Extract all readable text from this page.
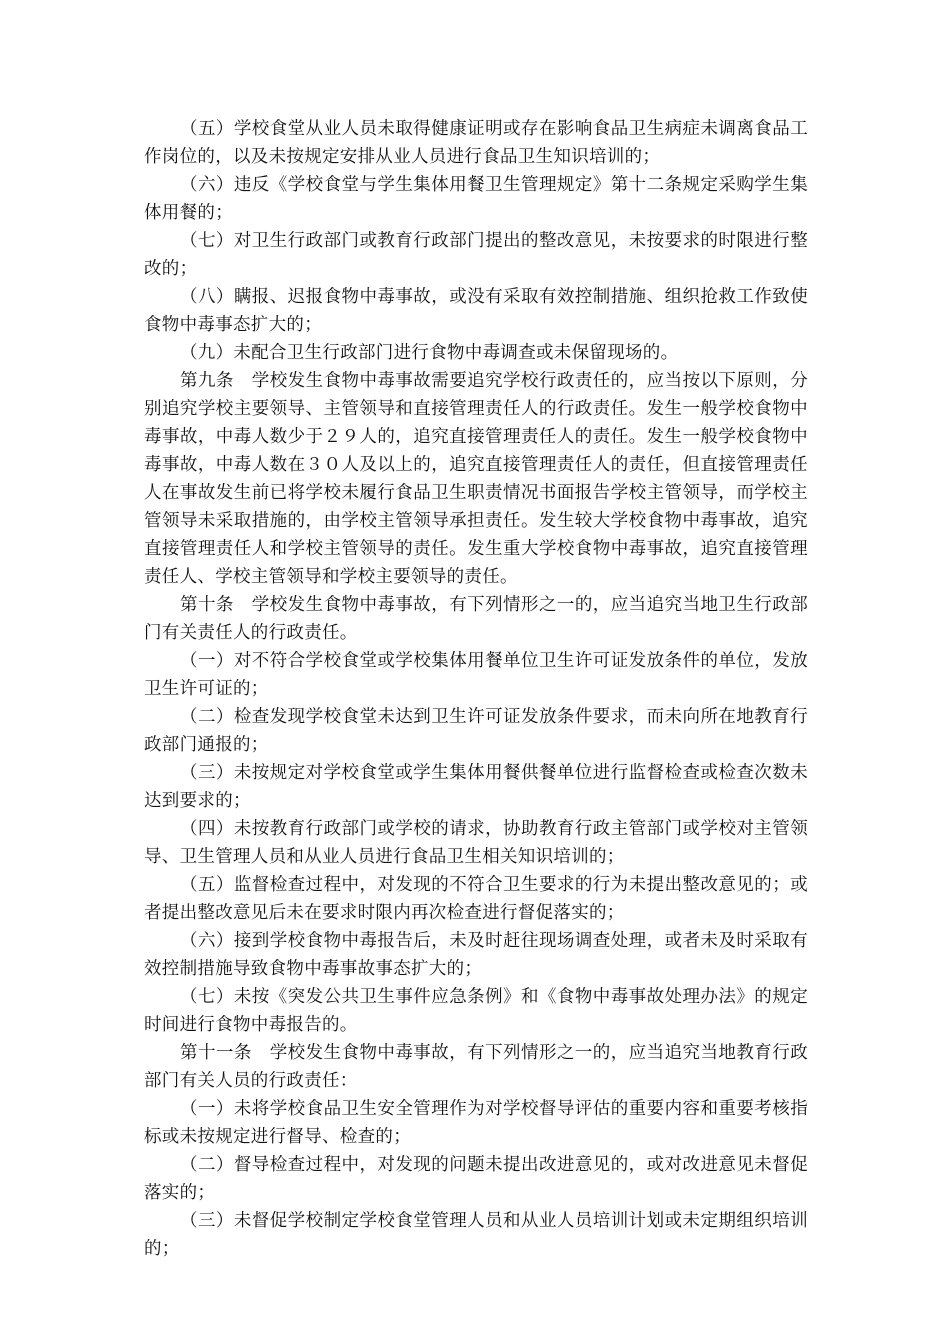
（五）学校食堂从业人员未取得健康证明或存在影响食品卫生病症未调离食品工作岗位的，以及未按规定安排从业人员进行食品卫生知识培训的；

（六）违反《学校食堂与学生集体用餐卫生管理规定》第十二条规定采购学生集体用餐的；

（七）对卫生行政部门或教育行政部门提出的整改意见，未按要求的时限进行整改的；

（八）瞒报、迟报食物中毒事故，或没有采取有效控制措施、组织抢救工作致使食物中毒事态扩大的；

（九）未配合卫生行政部门进行食物中毒调查或未保留现场的。

第九条　学校发生食物中毒事故需要追究学校行政责任的，应当按以下原则，分别追究学校主要领导、主管领导和直接管理责任人的行政责任。发生一般学校食物中毒事故，中毒人数少于２９人的，追究直接管理责任人的责任。发生一般学校食物中毒事故，中毒人数在３０人及以上的，追究直接管理责任人的责任，但直接管理责任人在事故发生前已将学校未履行食品卫生职责情况书面报告学校主管领导，而学校主管领导未采取措施的，由学校主管领导承担责任。发生较大学校食物中毒事故，追究直接管理责任人和学校主管领导的责任。发生重大学校食物中毒事故，追究直接管理责任人、学校主管领导和学校主要领导的责任。

第十条　学校发生食物中毒事故，有下列情形之一的，应当追究当地卫生行政部门有关责任人的行政责任。

（一）对不符合学校食堂或学校集体用餐单位卫生许可证发放条件的单位，发放卫生许可证的；

（二）检查发现学校食堂未达到卫生许可证发放条件要求，而未向所在地教育行政部门通报的；

（三）未按规定对学校食堂或学生集体用餐供餐单位进行监督检查或检查次数未达到要求的；

（四）未按教育行政部门或学校的请求，协助教育行政主管部门或学校对主管领导、卫生管理人员和从业人员进行食品卫生相关知识培训的；

（五）监督检查过程中，对发现的不符合卫生要求的行为未提出整改意见的；或者提出整改意见后未在要求时限内再次检查进行督促落实的；

（六）接到学校食物中毒报告后，未及时赶往现场调查处理，或者未及时采取有效控制措施导致食物中毒事故事态扩大的；

（七）未按《突发公共卫生事件应急条例》和《食物中毒事故处理办法》的规定时间进行食物中毒报告的。

第十一条　学校发生食物中毒事故，有下列情形之一的，应当追究当地教育行政部门有关人员的行政责任：

（一）未将学校食品卫生安全管理作为对学校督导评估的重要内容和重要考核指标或未按规定进行督导、检查的；

（二）督导检查过程中，对发现的问题未提出改进意见的，或对改进意见未督促落实的；

（三）未督促学校制定学校食堂管理人员和从业人员培训计划或未定期组织培训的；
